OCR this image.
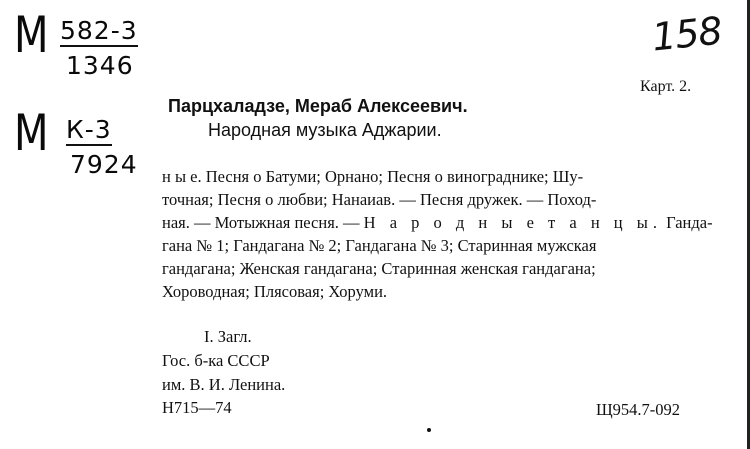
М 582-3
1346
М К-3
7924
158
Карт. 2.
Парцхаладзе, Мераб Алексеевич.
Народная музыка Аджарии.
н ы е. Песня о Батуми; Орнано; Песня о винограднике; Шу-
точная; Песня о любви; Нанаиав. — Песня дружек. — Поход-
ная. — Мотыжная песня. — Н а р о д н ы е т а н ц ы. Ганда-
гана № 1; Гандагана № 2; Гандагана № 3; Старинная мужская
гандагана; Женская гандагана; Старинная женская гандагана;
Хороводная; Плясовая; Хоруми.
I. Загл.
Гос. б-ка СССР
им. В. И. Ленина.
Н715—74	Щ954.7-092
